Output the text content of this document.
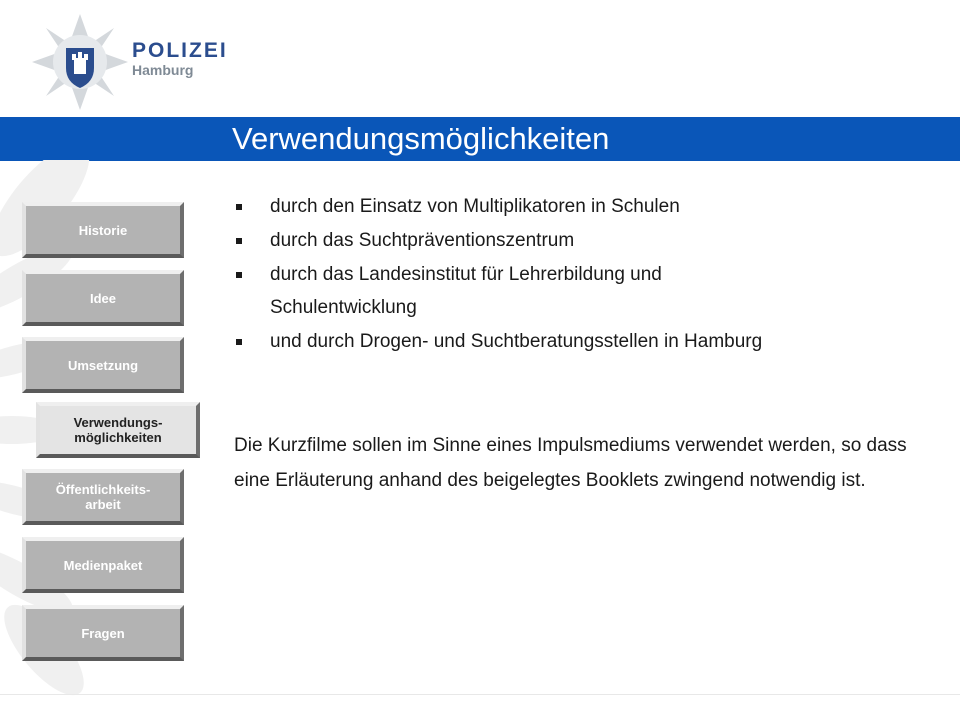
POLIZEI
Hamburg
Verwendungsmöglichkeiten
Historie
Idee
Umsetzung
Verwendungs-
möglichkeiten
Öffentlichkeits-
arbeit
Medienpaket
Fragen
durch den Einsatz von Multiplikatoren in Schulen
durch das Suchtpräventionszentrum
durch das Landesinstitut für Lehrerbildung und Schulentwicklung
und durch Drogen- und Suchtberatungsstellen in Hamburg

Die Kurzfilme sollen im Sinne eines Impulsmediums verwendet werden, so dass eine Erläuterung anhand des beigelegtes Booklets zwingend notwendig ist.
